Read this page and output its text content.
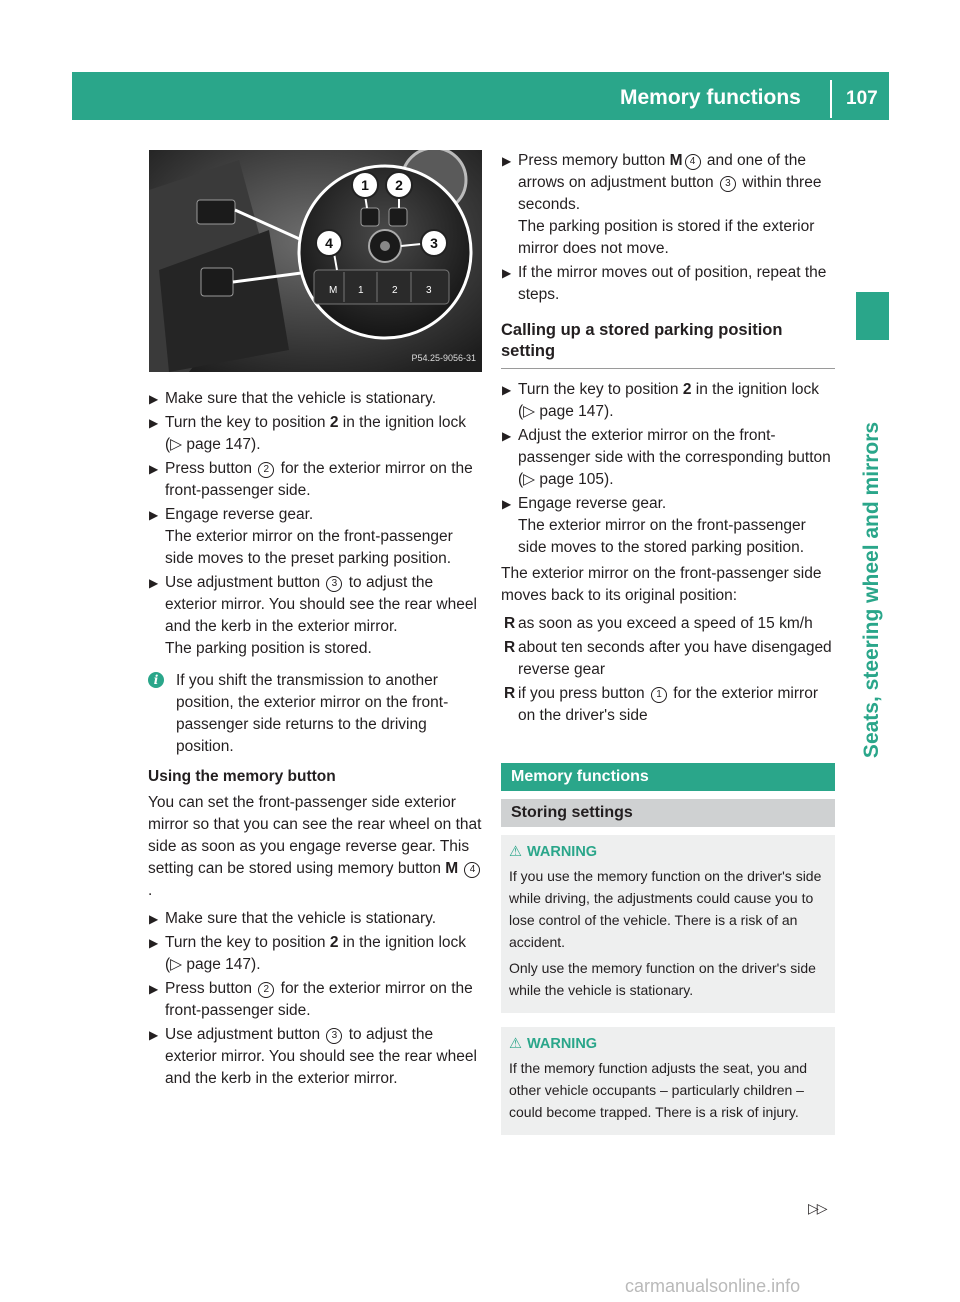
Memory functions 107
Seats, steering wheel and mirrors
M 1	2	3
1 2
3
4
P54.25-9056-31
▶ Make sure that the vehicle is stationary.
▶ Turn the key to position 2 in the ignition lock (▷ page 147).
▶ Press button 2 for the exterior mirror on the front-passenger side.
▶ Engage reverse gear.
The exterior mirror on the front-passenger side moves to the preset parking position.
▶ Use adjustment button 3 to adjust the exterior mirror. You should see the rear wheel and the kerb in the exterior mirror.
The parking position is stored.
i	If you shift the transmission to another position, the exterior mirror on the front-passenger side returns to the driving position.
Using the memory button
You can set the front-passenger side exterior mirror so that you can see the rear wheel on that side as soon as you engage reverse gear. This setting can be stored using memory button M 4.
▶ Make sure that the vehicle is stationary.
▶ Turn the key to position 2 in the ignition lock (▷ page 147).
▶ Press button 2 for the exterior mirror on the front-passenger side.
▶ Use adjustment button 3 to adjust the exterior mirror. You should see the rear wheel and the kerb in the exterior mirror.
▶ Press memory button M 4 and one of the arrows on adjustment button 3 within three seconds.
The parking position is stored if the exterior mirror does not move.
▶ If the mirror moves out of position, repeat the steps.
Calling up a stored parking position setting
▶ Turn the key to position 2 in the ignition lock (▷ page 147).
▶ Adjust the exterior mirror on the front-passenger side with the corresponding button (▷ page 105).
▶ Engage reverse gear.
The exterior mirror on the front-passenger side moves to the stored parking position.
The exterior mirror on the front-passenger side moves back to its original position:
R as soon as you exceed a speed of 15 km/h
R about ten seconds after you have disengaged reverse gear
R if you press button 1 for the exterior mirror on the driver's side
Memory functions
Storing settings
⚠ WARNING
If you use the memory function on the driver's side while driving, the adjustments could cause you to lose control of the vehicle. There is a risk of an accident.
Only use the memory function on the driver's side while the vehicle is stationary.
⚠ WARNING
If the memory function adjusts the seat, you and other vehicle occupants – particularly children – could become trapped. There is a risk of injury.
▷▷
carmanualsonline.info
